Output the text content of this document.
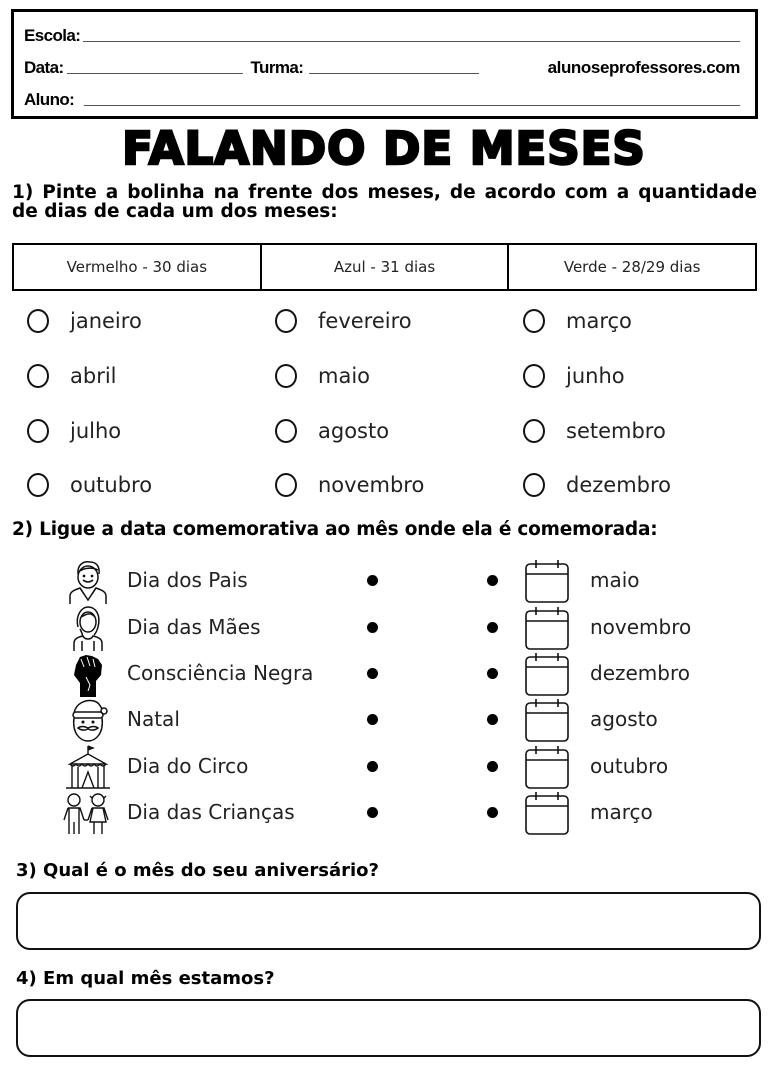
Escola:
Data:	Turma:	alunoseprofessores.com
Aluno:
FALANDO DE MESES
1) Pinte a bolinha na frente dos meses, de acordo com a quantidade de dias de cada um dos meses:
Vermelho - 30 dias	Azul - 31 dias	Verde - 28/29 dias
janeiro	fevereiro	março
abril	maio	junho
julho	agosto	setembro
outubro	novembro	dezembro
2) Ligue a data comemorativa ao mês onde ela é comemorada:
Dia dos Pais	maio
Dia das Mães	novembro
Consciência Negra	dezembro
Natal	agosto
Dia do Circo	outubro
Dia das Crianças	março
3) Qual é o mês do seu aniversário?
4) Em qual mês estamos?
